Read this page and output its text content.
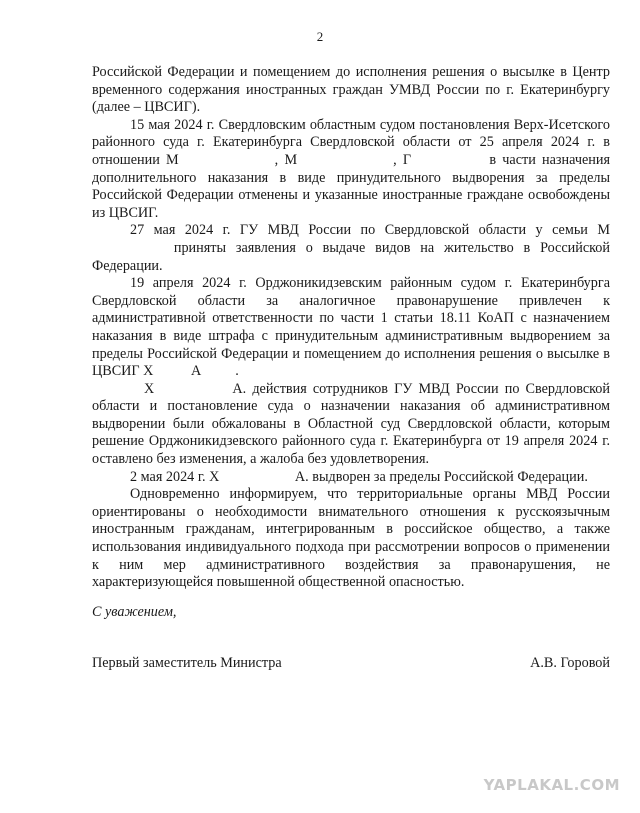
2

Российской Федерации и помещением до исполнения решения о высылке в Центр временного содержания иностранных граждан УМВД России по г. Екатеринбургу (далее – ЦВСИГ).

15 мая 2024 г. Свердловским областным судом постановления Верх-Исетского районного суда г. Екатеринбурга Свердловской области от 25 апреля 2024 г. в отношении М	, М	, Г	в части назначения дополнительного наказания в виде принудительного выдворения за пределы Российской Федерации отменены и указанные иностранные граждане освобождены из ЦВСИГ.

27 мая 2024 г. ГУ МВД России по Свердловской области у семьи М приняты заявления о выдаче видов на жительство в Российской Федерации.

19 апреля 2024 г. Орджоникидзевским районным судом г. Екатеринбурга Свердловской области за аналогичное правонарушение привлечен к административной ответственности по части 1 статьи 18.11 КоАП с назначением наказания в виде штрафа с принудительным административным выдворением за пределы Российской Федерации и помещением до исполнения решения о высылке в ЦВСИГ Х А .

Х	А. действия сотрудников ГУ МВД России по Свердловской области и постановление суда о назначении наказания об административном выдворении были обжалованы в Областной суд Свердловской области, которым решение Орджоникидзевского районного суда г. Екатеринбурга от 19 апреля 2024 г. оставлено без изменения, а жалоба без удовлетворения.

2 мая 2024 г. Х	А. выдворен за пределы Российской Федерации.

Одновременно информируем, что территориальные органы МВД России ориентированы о необходимости внимательного отношения к русскоязычным иностранным гражданам, интегрированным в российское общество, а также использования индивидуального подхода при рассмотрении вопросов о применении к ним мер административного воздействия за правонарушения, не характеризующейся повышенной общественной опасностью.

С уважением,
Первый заместитель Министра	А.В. Горовой
YAPLAKAL.COM
